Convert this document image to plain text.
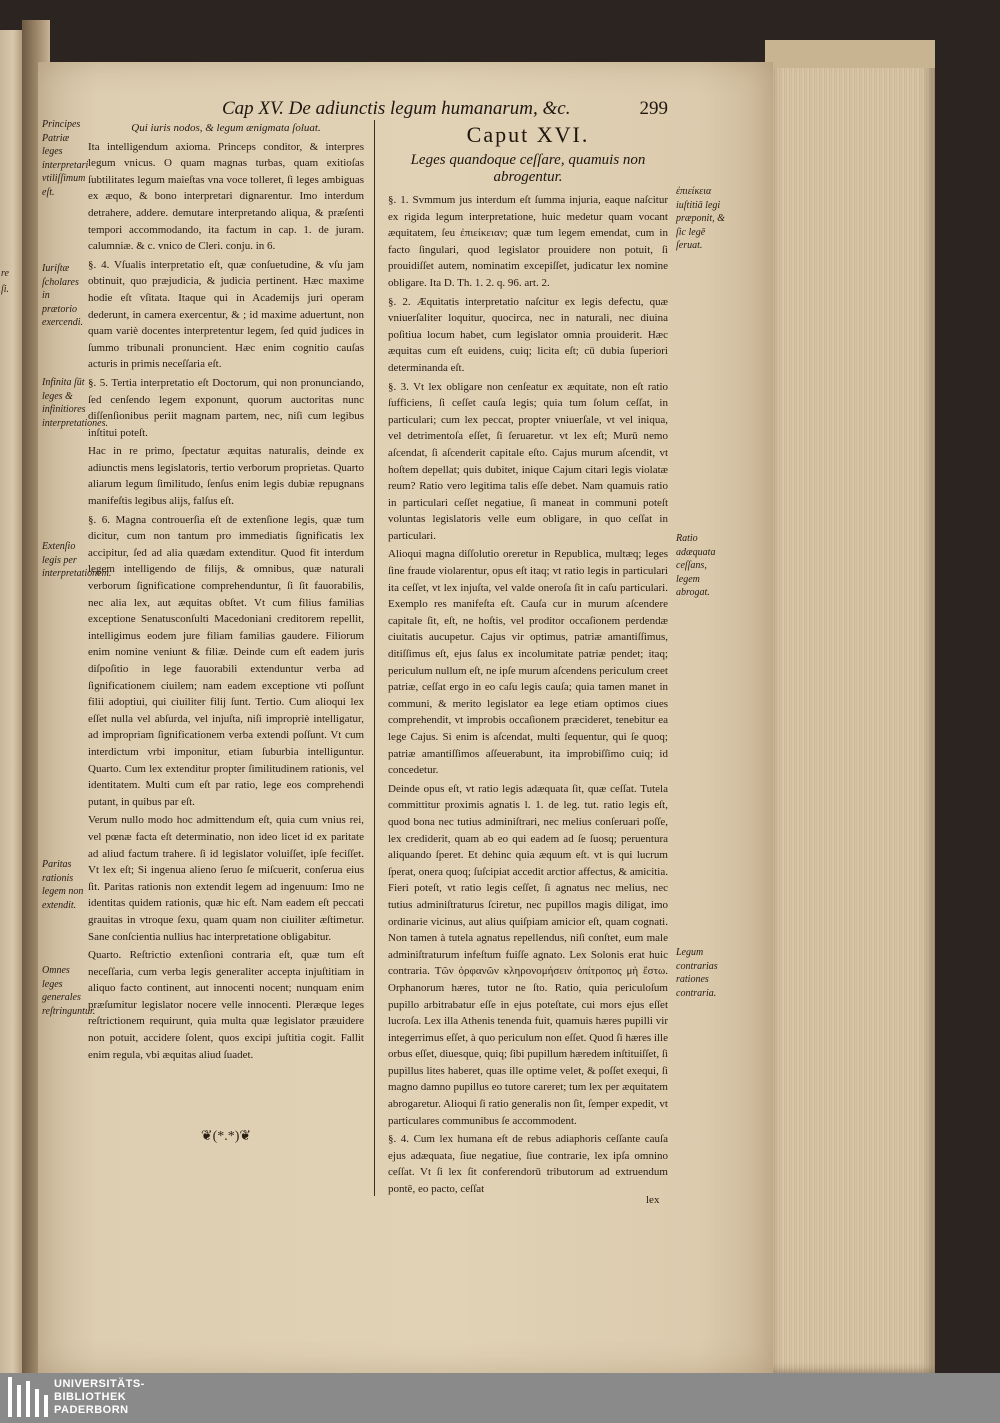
re
ſi.
Cap XV. De adiunctis legum humanarum, &c.	299
Principes Patriæ leges interpretari vtiliſſimum eſt.
Iuriſtæ ſcholares in prætorio exercendi.
Infinita ſūt leges & infinitiores interpretationes.
Extenſio legis per interpretationem.
Paritas rationis legem non extendit.
Omnes leges generales reſtringuntur.

Qui iuris nodos, & legum ænigmata ſoluat.

Ita intelligendum axioma. Princeps conditor, & interpres legum vnicus. O quam magnas turbas, quam exitioſas ſubtilitates legum maieſtas vna voce tolleret, ſi leges ambiguas ex æquo, & bono interpretari dignarentur. Imo interdum detrahere, addere. demutare interpretando aliqua, & præſenti tempori accommodando, ita factum in cap. 1. de juram. calumniæ. & c. vnico de Cleri. conju. in 6.

§. 4. Vſualis interpretatio eſt, quæ conſuetudine, & vſu jam obtinuit, quo præjudicia, & judicia pertinent. Hæc maxime hodie eſt vſitata. Itaque qui in Academijs juri operam dederunt, in camera exercentur, & ; id maxime aduertunt, non quam variè docentes interpretentur legem, ſed quid judices in ſummo tribunali pronuncient. Hæc enim cognitio cauſas acturis in primis neceſſaria eſt.

§. 5. Tertia interpretatio eſt Doctorum, qui non pronunciando, ſed cenſendo legem exponunt, quorum auctoritas nunc diſſenſionibus periit magnam partem, nec, niſi cum legibus inſtitui poteſt.

Hac in re primo, ſpectatur æquitas naturalis, deinde ex adiunctis mens legislatoris, tertio verborum proprietas. Quarto aliarum legum ſimilitudo, ſenſus enim legis dubiæ repugnans manifeſtis legibus alijs, falſus eſt.

§. 6. Magna controuerſia eſt de extenſione legis, quæ tum dicitur, cum non tantum pro immediatis ſignificatis lex accipitur, ſed ad alia quædam extenditur. Quod fit interdum legem intelligendo de filijs, & omnibus, quæ naturali verborum ſignificatione comprehenduntur, ſi ſit fauorabilis, nec alia lex, aut æquitas obſtet. Vt cum filius familias exceptione Senatusconſulti Macedoniani creditorem repellit, intelligimus eodem jure filiam familias gaudere. Filiorum enim nomine veniunt & filiæ. Deinde cum eſt eadem juris diſpoſitio in lege fauorabili extenduntur verba ad ſignificationem ciuilem; nam eadem exceptione vti poſſunt filii adoptiui, qui ciuiliter filij ſunt. Tertio. Cum alioqui lex eſſet nulla vel abſurda, vel injuſta, niſi impropriè intelligatur, ad impropriam ſignificationem verba extendi poſſunt. Vt cum interdictum vrbi imponitur, etiam ſuburbia intelliguntur. Quarto. Cum lex extenditur propter ſimilitudinem rationis, vel identitatem. Multi cum eſt par ratio, lege eos comprehendi putant, in quibus par eſt.

Verum nullo modo hoc admittendum eſt, quia cum vnius rei, vel pœnæ facta eſt determinatio, non ideo licet id ex paritate ad aliud factum trahere. ſi id legislator voluiſſet, ipſe feciſſet. Vt lex eſt; Si ingenua alieno ſeruo ſe miſcuerit, conſerua eius ſit. Paritas rationis non extendit legem ad ingenuum: Imo ne identitas quidem rationis, quæ hic eſt. Nam eadem eſt peccati grauitas in vtroque ſexu, quam quam non ciuiliter æſtimetur. Sane conſcientia nullius hac interpretatione obligabitur.

Quarto. Reſtrictio extenſioni contraria eſt, quæ tum eſt neceſſaria, cum verba legis generaliter accepta injuſtitiam in aliquo facto continent, aut innocenti nocent; nunquam enim præſumitur legislator nocere velle innocenti. Pleræque leges reſtrictionem requirunt, quia multa quæ legislator præuidere non potuit, accidere ſolent, quos excipi juſtitia cogit. Fallit enim regula, vbi æquitas aliud ſuadet.

❦(*.*)❦
Caput XVI.
Leges quandoque ceſſare, quamuis non abrogentur.

§. 1. Svmmum jus interdum eſt ſumma injuria, eaque naſcitur ex rigida legum interpretatione, huic medetur quam vocant æquitatem, ſeu ἐπιείκειαν; quæ tum legem emendat, cum in facto ſingulari, quod legislator prouidere non potuit, ſi prouidiſſet autem, nominatim excepiſſet, judicatur lex nomine obligare. Ita D. Th. 1. 2. q. 96. art. 2.

§. 2. Æquitatis interpretatio naſcitur ex legis defectu, quæ vniuerſaliter loquitur, quocirca, nec in naturali, nec diuina poſitiua locum habet, cum legislator omnia prouiderit. Hæc æquitas cum eſt euidens, cuiq; licita eſt; cū dubia ſuperiori determinanda eſt.

§. 3. Vt lex obligare non cenſeatur ex æquitate, non eſt ratio ſufficiens, ſi ceſſet cauſa legis; quia tum ſolum ceſſat, in particulari; cum lex peccat, propter vniuerſale, vt vel iniqua, vel detrimentoſa eſſet, ſi ſeruaretur. vt lex eſt; Murū nemo aſcendat, ſi aſcenderit capitale eſto. Cajus murum aſcendit, vt hoſtem depellat; quis dubitet, inique Cajum citari legis violatæ reum? Ratio vero legitima talis eſſe debet. Nam quamuis ratio in particulari ceſſet negatiue, ſi maneat in communi poteſt voluntas legislatoris velle eum obligare, in quo ceſſat in particulari.

Alioqui magna diſſolutio oreretur in Republica, multæq; leges ſine fraude violarentur, opus eſt itaq; vt ratio legis in particulari ita ceſſet, vt lex injuſta, vel valde oneroſa ſit in caſu particulari. Exemplo res manifeſta eſt. Cauſa cur in murum aſcendere capitale ſit, eſt, ne hoſtis, vel proditor occaſionem perdendæ ciuitatis aucupetur. Cajus vir optimus, patriæ amantiſſimus, ditiſſimus eſt, ejus ſalus ex incolumitate patriæ pendet; itaq; periculum nullum eſt, ne ipſe murum aſcendens periculum creet patriæ, ceſſat ergo in eo caſu legis cauſa; quia tamen manet in communi, & merito legislator ea lege etiam optimos ciues comprehendit, vt improbis occaſionem præcideret, tenebitur ea lege Cajus. Si enim is aſcendat, multi ſequentur, qui ſe quoq; patriæ amantiſſimos aſſeuerabunt, ita improbiſſimo cuiq; id concedetur.

Deinde opus eſt, vt ratio legis adæquata ſit, quæ ceſſat. Tutela committitur proximis agnatis l. 1. de leg. tut. ratio legis eſt, quod bona nec tutius adminiſtrari, nec melius conſeruari poſſe, lex crediderit, quam ab eo qui eadem ad ſe ſuosq; peruentura aliquando ſperet. Et dehinc quia æquum eſt. vt is qui lucrum ſperat, onera quoq; ſuſcipiat accedit arctior affectus, & amicitia. Fieri poteſt, vt ratio legis ceſſet, ſi agnatus nec melius, nec tutius adminiſtraturus ſciretur, nec pupillos magis diligat, imo ordinarie vicinus, aut alius quiſpiam amicior eſt, quam cognati. Non tamen à tutela agnatus repellendus, niſi conſtet, eum male adminiſtraturum infeſtum fuiſſe agnato. Lex Solonis erat huic contraria. Τῶν ὀρφανῶν κληρονομήσειν ὁπίτροπος μὴ ἔστω. Orphanorum hæres, tutor ne ſto. Ratio, quia periculoſum pupillo arbitrabatur eſſe in ejus poteſtate, cui mors ejus eſſet lucroſa. Lex illa Athenis tenenda fuit, quamuis hæres pupilli vir integerrimus eſſet, à quo periculum non eſſet. Quod ſi hæres ille orbus eſſet, diuesque, quiq; ſibi pupillum hæredem inſtituiſſet, ſi pupillus lites haberet, quas ille optime velet, & poſſet exequi, ſi magno damno pupillus eo tutore careret; tum lex per æquitatem abrogaretur. Alioqui ſi ratio generalis non ſit, ſemper expedit, vt particulares communibus ſe accommodent.

§. 4. Cum lex humana eſt de rebus adiaphoris ceſſante cauſa ejus adæquata, ſiue negatiue, ſiue contrarie, lex ipſa omnino ceſſat. Vt ſi lex ſit conferendorū tributorum ad extruendum pontē, eo pacto, ceſſat

lex
ἐπιείκεια iuſtitiā legi præponit, & ſic legē ſeruat.
Ratio adæquata ceſſans, legem abrogat.
Legum contrarias rationes contraria.
UNIVERSITÄTS-
BIBLIOTHEK
PADERBORN
